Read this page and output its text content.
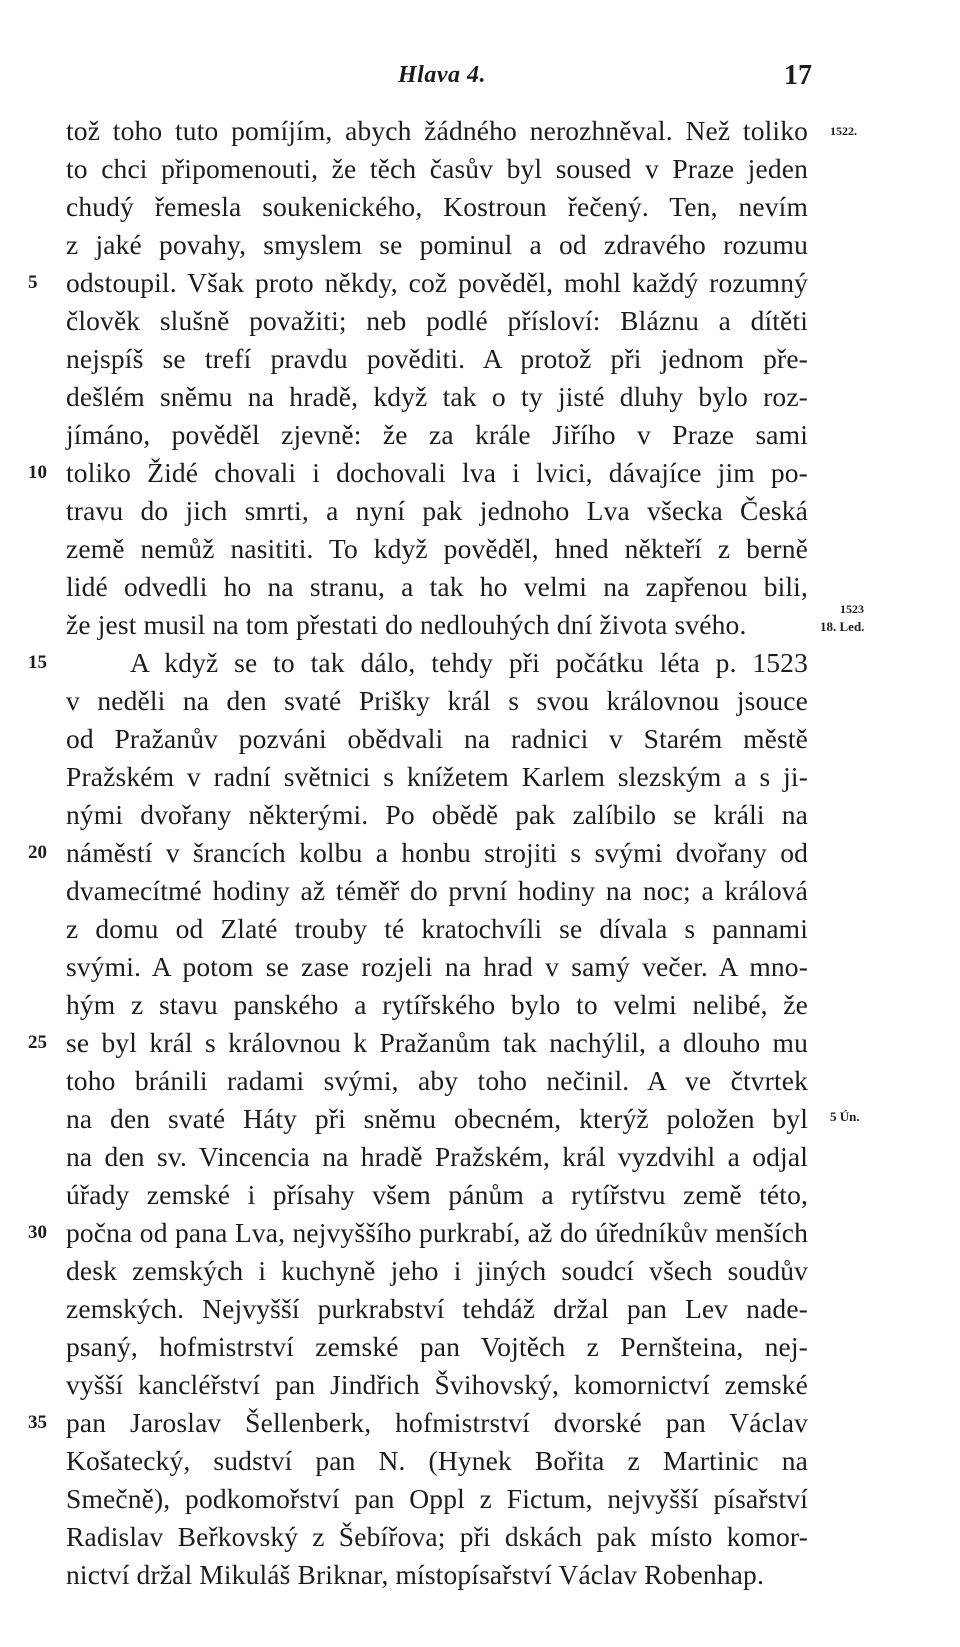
Hlava 4.	17
tož toho tuto pomíjím, abych žádného nerozhněval. Než toliko
to chci připomenouti, že těch časův byl soused v Praze jeden
chudý řemesla soukenického, Kostroun řečený. Ten, nevím
z jaké povahy, smyslem se pominul a od zdravého rozumu
odstoupil. Však proto někdy, což pověděl, mohl každý rozumný
člověk slušně považiti; neb podlé přísloví: Bláznu a dítěti
nejspíš se trefí pravdu pověditi. A protož při jednom pře-
dešlém sněmu na hradě, když tak o ty jisté dluhy bylo roz-
jímáno, pověděl zjevně: že za krále Jiřího v Praze sami
toliko Židé chovali i dochovali lva i lvici, dávajíce jim po-
travu do jich smrti, a nyní pak jednoho Lva všecka Česká
země nemůž nasititi. To když pověděl, hned někteří z berně
lidé odvedli ho na stranu, a tak ho velmi na zapřenou bili,
že jest musil na tom přestati do nedlouhých dní života svého.
A když se to tak dálo, tehdy při počátku léta p. 1523
v neděli na den svaté Prišky král s svou královnou jsouce
od Pražanův pozváni obědvali na radnici v Starém městě
Pražském v radní světnici s knížetem Karlem slezským a s ji-
nými dvořany některými. Po obědě pak zalíbilo se králi na
náměstí v šrancích kolbu a honbu strojiti s svými dvořany od
dvamecítmé hodiny až téměř do první hodiny na noc; a králová
z domu od Zlaté trouby té kratochvíli se dívala s pannami
svými. A potom se zase rozjeli na hrad v samý večer. A mno-
hým z stavu panského a rytířského bylo to velmi nelibé, že
se byl král s královnou k Pražanům tak nachýlil, a dlouho mu
toho bránili radami svými, aby toho nečinil. A ve čtvrtek
na den svaté Háty při sněmu obecném, kterýž položen byl
na den sv. Vincencia na hradě Pražském, král vyzdvihl a odjal
úřady zemské i přísahy všem pánům a rytířstvu země této,
počna od pana Lva, nejvyššího purkrabí, až do úředníkův menších
desk zemských i kuchyně jeho i jiných soudcí všech soudův
zemských. Nejvyšší purkrabství tehdáž držal pan Lev nade-
psaný, hofmistrství zemské pan Vojtěch z Pernšteina, nej-
vyšší kancléřství pan Jindřich Švihovský, komornictví zemské
pan Jaroslav Šellenberk, hofmistrství dvorské pan Václav
Košatecký, sudství pan N. (Hynek Bořita z Martinic na
Smečně), podkomořství pan Oppl z Fictum, nejvyšší písařství
Radislav Beřkovský z Šebířova; při dskách pak místo komor-
nictví držal Mikuláš Briknar, místopísařství Václav Robenhap.
5
10
15
20
25
30
35
1522.
1523
18. Led.
5 Ún.
